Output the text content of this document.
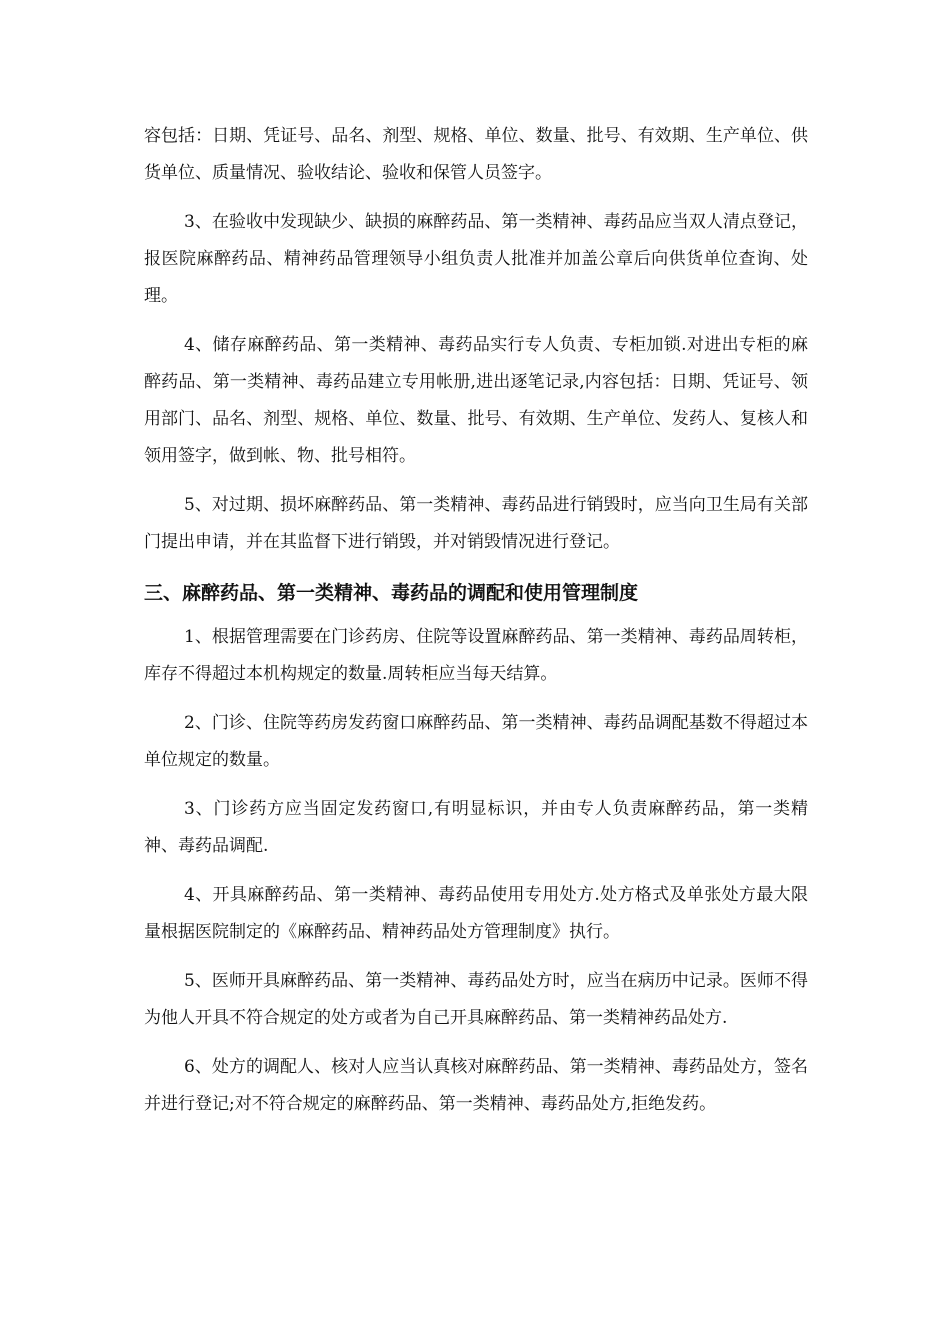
容包括：日期、凭证号、品名、剂型、规格、单位、数量、批号、有效期、生产单位、供货单位、质量情况、验收结论、验收和保管人员签字。

3、在验收中发现缺少、缺损的麻醉药品、第一类精神、毒药品应当双人清点登记，报医院麻醉药品、精神药品管理领导小组负责人批准并加盖公章后向供货单位查询、处理。

4、储存麻醉药品、第一类精神、毒药品实行专人负责、专柜加锁.对进出专柜的麻醉药品、第一类精神、毒药品建立专用帐册,进出逐笔记录,内容包括：日期、凭证号、领用部门、品名、剂型、规格、单位、数量、批号、有效期、生产单位、发药人、复核人和领用签字，做到帐、物、批号相符。

5、对过期、损坏麻醉药品、第一类精神、毒药品进行销毁时，应当向卫生局有关部门提出申请，并在其监督下进行销毁，并对销毁情况进行登记。

三、麻醉药品、第一类精神、毒药品的调配和使用管理制度

1、根据管理需要在门诊药房、住院等设置麻醉药品、第一类精神、毒药品周转柜，库存不得超过本机构规定的数量.周转柜应当每天结算。

2、门诊、住院等药房发药窗口麻醉药品、第一类精神、毒药品调配基数不得超过本单位规定的数量。

3、门诊药方应当固定发药窗口,有明显标识，并由专人负责麻醉药品，第一类精神、毒药品调配.

4、开具麻醉药品、第一类精神、毒药品使用专用处方.处方格式及单张处方最大限量根据医院制定的《麻醉药品、精神药品处方管理制度》执行。

5、医师开具麻醉药品、第一类精神、毒药品处方时，应当在病历中记录。医师不得为他人开具不符合规定的处方或者为自己开具麻醉药品、第一类精神药品处方.

6、处方的调配人、核对人应当认真核对麻醉药品、第一类精神、毒药品处方，签名并进行登记;对不符合规定的麻醉药品、第一类精神、毒药品处方,拒绝发药。
